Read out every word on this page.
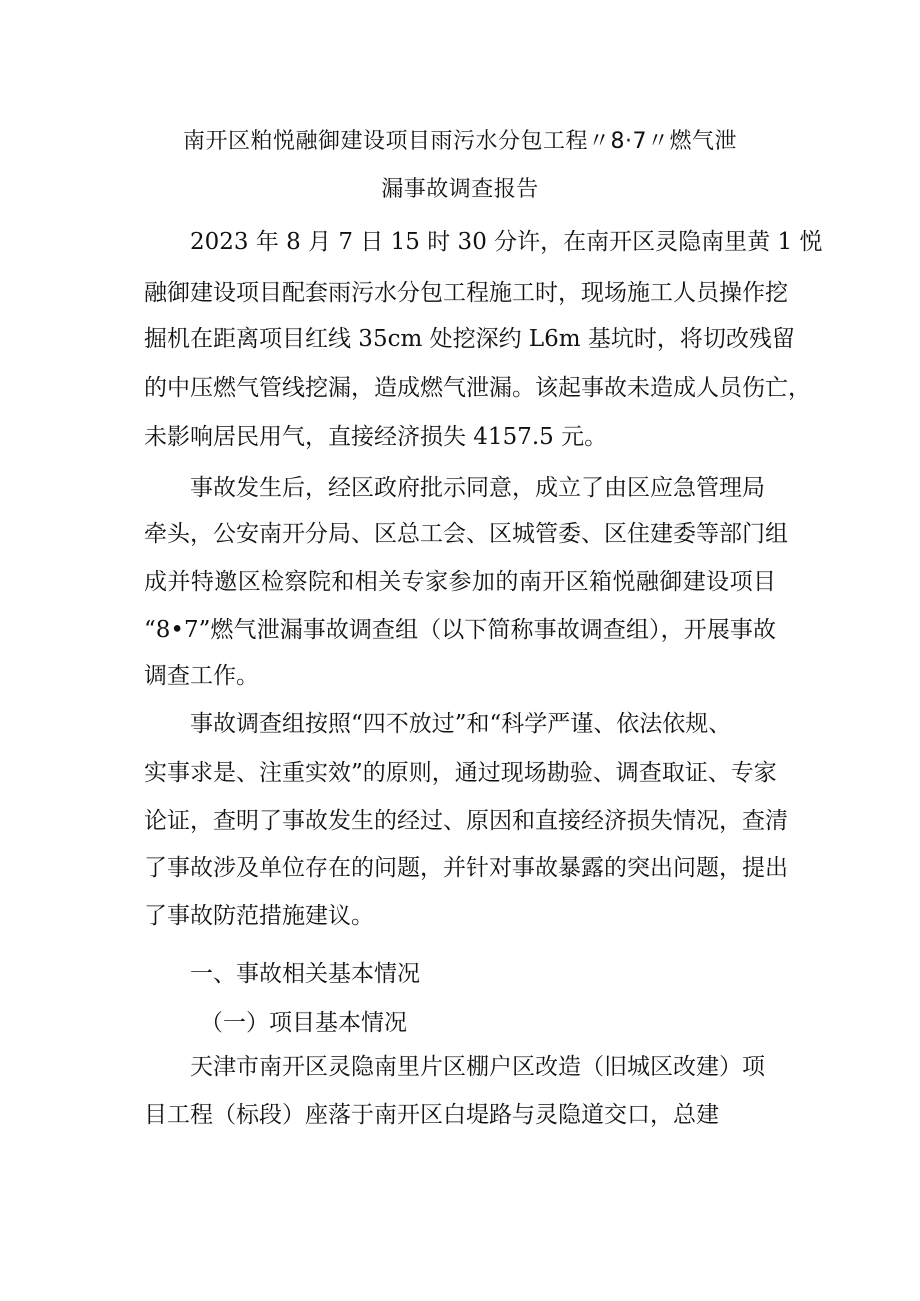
南开区粕悦融御建设项目雨污水分包工程〃8·7〃燃气泄
漏事故调查报告
2023 年 8 月 7 日 15 时 30 分许，在南开区灵隐南里黄 1 悦
融御建设项目配套雨污水分包工程施工时，现场施工人员操作挖
掘机在距离项目红线 35cm 处挖深约 L6m 基坑时，将切改残留
的中压燃气管线挖漏，造成燃气泄漏。该起事故未造成人员伤亡，
未影响居民用气，直接经济损失 4157.5 元。
事故发生后，经区政府批示同意，成立了由区应急管理局
牵头，公安南开分局、区总工会、区城管委、区住建委等部门组
成并特邀区检察院和相关专家参加的南开区箱悦融御建设项目
“8•7”燃气泄漏事故调查组（以下简称事故调查组），开展事故
调查工作。
事故调查组按照“四不放过”和“科学严谨、依法依规、
实事求是、注重实效”的原则，通过现场勘验、调查取证、专家
论证，查明了事故发生的经过、原因和直接经济损失情况，查清
了事故涉及单位存在的问题，并针对事故暴露的突出问题，提出
了事故防范措施建议。
一、事故相关基本情况
（一）项目基本情况
天津市南开区灵隐南里片区棚户区改造（旧城区改建）项
目工程（标段）座落于南开区白堤路与灵隐道交口，总建
